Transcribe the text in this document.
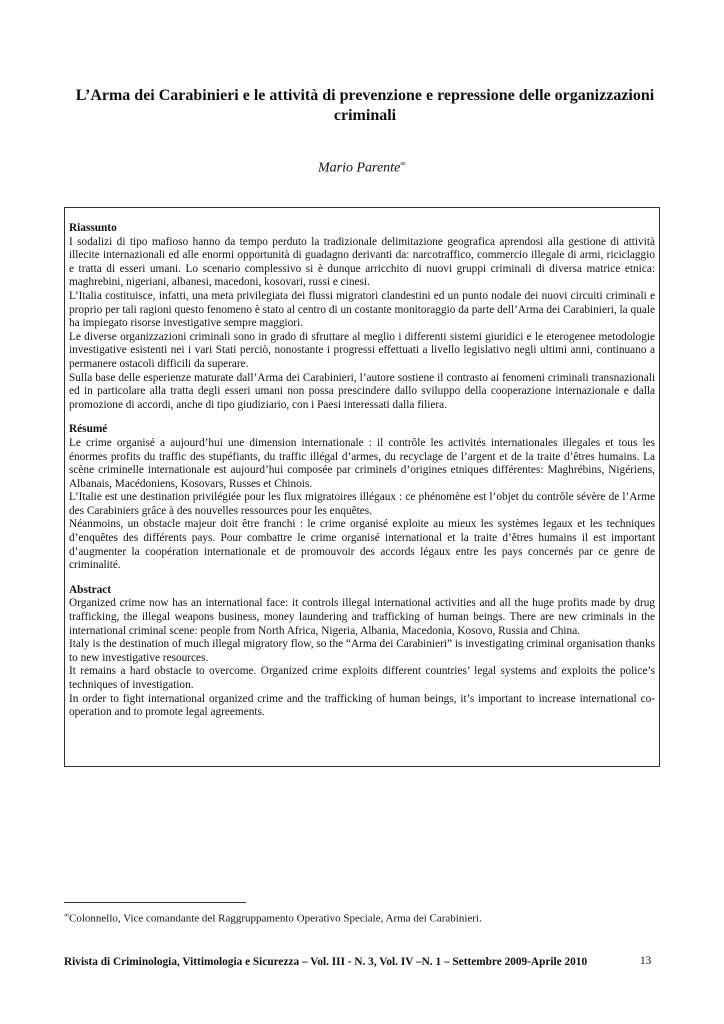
L’Arma dei Carabinieri e le attività di prevenzione e repressione delle organizzazioni criminali
Mario Parente∞
Riassunto

I sodalizi di tipo mafioso hanno da tempo perduto la tradizionale delimitazione geografica aprendosi alla gestione di attività illecite internazionali ed alle enormi opportunità di guadagno derivanti da: narcotraffico, commercio illegale di armi, riciclaggio e tratta di esseri umani. Lo scenario complessivo si è dunque arricchito di nuovi gruppi criminali di diversa matrice etnica: maghrebini, nigeriani, albanesi, macedoni, kosovari, russi e cinesi.

L’Italia costituisce, infatti, una meta privilegiata dei flussi migratori clandestini ed un punto nodale dei nuovi circuiti criminali e proprio per tali ragioni questo fenomeno è stato al centro di un costante monitoraggio da parte dell’Arma dei Carabinieri, la quale ha impiegato risorse investigative sempre maggiori.

Le diverse organizzazioni criminali sono in grado di sfruttare al meglio i differenti sistemi giuridici e le eterogenee metodologie investigative esistenti nei i vari Stati perciò, nonostante i progressi effettuati a livello legislativo negli ultimi anni, continuano a permanere ostacoli difficili da superare.

Sulla base delle esperienze maturate dall’Arma dei Carabinieri, l’autore sostiene il contrasto ai fenomeni criminali transnazionali ed in particolare alla tratta degli esseri umani non possa prescindere dallo sviluppo della cooperazione internazionale e dalla promozione di accordi, anche di tipo giudiziario, con i Paesi interessati dalla filiera.

Résumé

Le crime organisé a aujourd’hui une dimension internationale : il contrôle les activités internationales illegales et tous les énormes profits du traffic des stupéfiants, du traffic illégal d’armes, du recyclage de l’argent et de la traite d’êtres humains. La scène criminelle internationale est aujourd’hui composée par criminels d’origines etniques différentes: Maghrébins, Nigériens, Albanais, Macédoniens, Kosovars, Russes et Chinois.

L’Italie est une destination privilégiée pour les flux migratoires illégaux : ce phénomène est l’objet du contrôle sévère de l’Arme des Carabiniers grâce à des nouvelles ressources pour les enquêtes.

Néanmoins, un obstacle majeur doit être franchi : le crime organisé exploite au mieux les systèmes legaux et les techniques d’enquêtes des différents pays. Pour combattre le crime organisé international et la traite d’êtres humains il est important d’augmenter la coopération internationale et de promouvoir des accords légaux entre les pays concernés par ce genre de criminalité.

Abstract

Organized crime now has an international face: it controls illegal international activities and all the huge profits made by drug trafficking, the illegal weapons business, money laundering and trafficking of human beings. There are new criminals in the international criminal scene: people from North Africa, Nigeria, Albania, Macedonia, Kosovo, Russia and China.

Italy is the destination of much illegal migratory flow, so the “Arma dei Carabinieri” is investigating criminal organisation thanks to new investigative resources.

It remains a hard obstacle to overcome. Organized crime exploits different countries’ legal systems and exploits the police’s techniques of investigation.

In order to fight international organized crime and the trafficking of human beings, it’s important to increase international co-operation and to promote legal agreements.

∞Colonnello, Vice comandante del Raggruppamento Operativo Speciale, Arma dei Carabinieri.
Rivista di Criminologia, Vittimologia e Sicurezza – Vol. III - N. 3, Vol. IV –N. 1 – Settembre 2009-Aprile 2010	13
